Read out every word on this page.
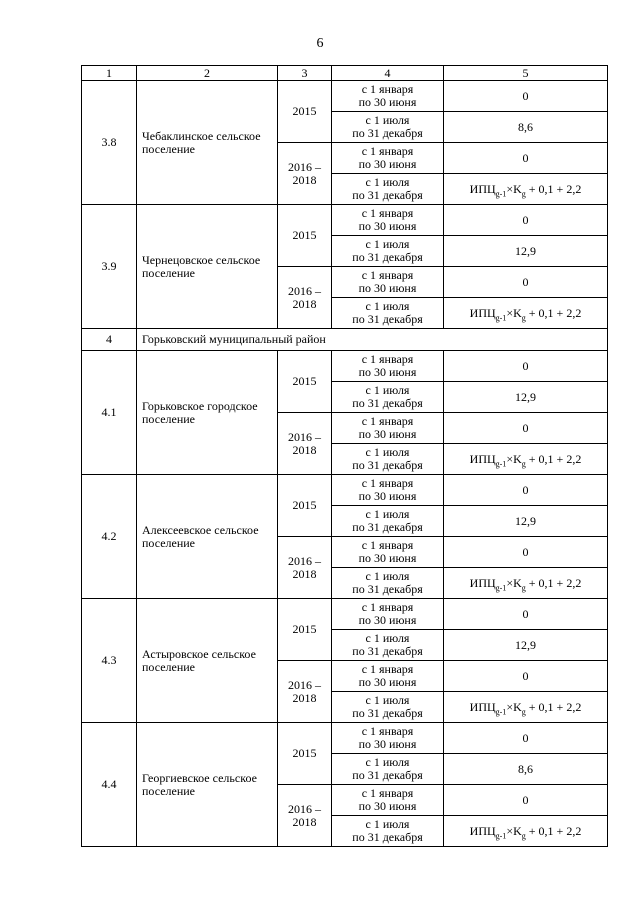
6
1	2	3	4	5
3.8	Чебаклинское сельское
поселение	2015	с 1 января
по 30 июня	0

			с 1 июля
по 31 декабря	8,6

		2016 –
2018	с 1 января
по 30 июня	0

			с 1 июля
по 31 декабря	$ИПЦ_{g-1}\times K_g + 0,1 + 2,2$
3.9	Чернецовское сельское
поселение	2015	с 1 января
по 30 июня	0

			с 1 июля
по 31 декабря	12,9

		2016 –
2018	с 1 января
по 30 июня	0

			с 1 июля
по 31 декабря	$ИПЦ_{g-1}\times K_g + 0,1 + 2,2$
4	Горьковский муниципальный район			
4.1	Горьковское городское
поселение	2015	с 1 января
по 30 июня	0

			с 1 июля
по 31 декабря	12,9

		2016 –
2018	с 1 января
по 30 июня	0

			с 1 июля
по 31 декабря	$ИПЦ_{g-1}\times K_g + 0,1 + 2,2$
4.2	Алексеевское сельское
поселение	2015	с 1 января
по 30 июня	0

			с 1 июля
по 31 декабря	12,9

		2016 –
2018	с 1 января
по 30 июня	0

			с 1 июля
по 31 декабря	$ИПЦ_{g-1}\times K_g + 0,1 + 2,2$
4.3	Астыровское сельское
поселение	2015	с 1 января
по 30 июня	0

			с 1 июля
по 31 декабря	12,9

		2016 –
2018	с 1 января
по 30 июня	0

			с 1 июля
по 31 декабря	$ИПЦ_{g-1}\times K_g + 0,1 + 2,2$
4.4	Георгиевское сельское
поселение	2015	с 1 января
по 30 июня	0

			с 1 июля
по 31 декабря	8,6

		2016 –
2018	с 1 января
по 30 июня	0

			с 1 июля
по 31 декабря	$ИПЦ_{g-1}\times K_g + 0,1 + 2,2$
